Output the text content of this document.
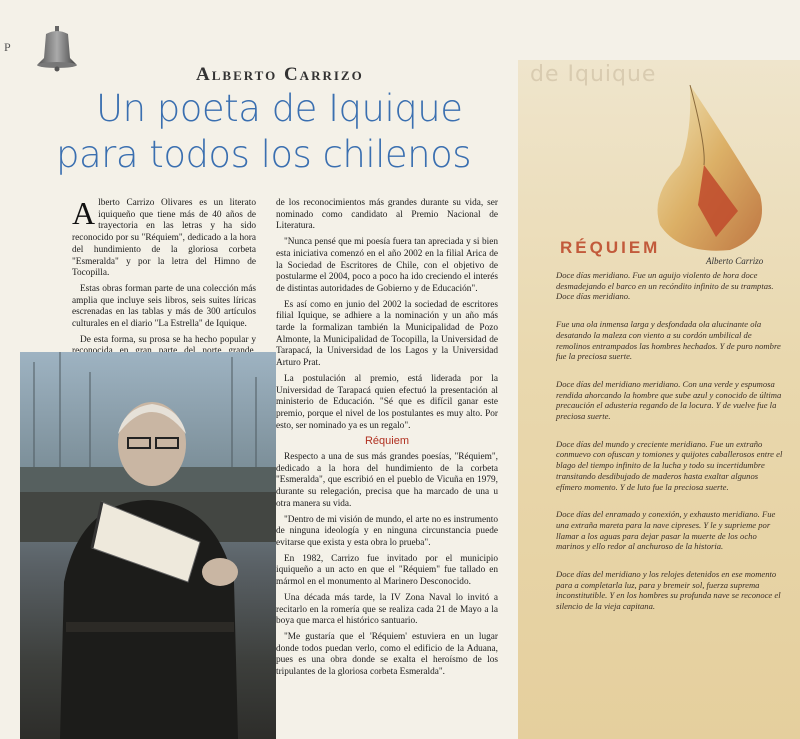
P
Alberto Carrizo
Un poeta de Iquique
para todos los chilenos

Alberto Carrizo Olivares es un literato iquiqueño que tiene más de 40 años de trayectoria en las letras y ha sido reconocido por su "Réquiem", dedicado a la hora del hundimiento de la gloriosa corbeta "Esmeralda" y por la letra del Himno de Tocopilla.

Estas obras forman parte de una colección más amplia que incluye seis libros, seis suites líricas escrenadas en las tablas y más de 300 artículos culturales en el diario "La Estrella" de Iquique.

De esta forma, su prosa se ha hecho popular y

de los reconocimientos más grandes durante su vida, ser nominado como candidato al Premio Nacional de Literatura.

"Nunca pensé que mi poesía fuera tan apreciada y si bien esta iniciativa comenzó en el año 2002 en la filial Arica de la Sociedad de Escritores de Chile, con el objetivo de postularme el 2004, poco a poco ha ido creciendo el interés de distintas autoridades de Gobierno y de Educación".

Es así como en junio del 2002 la sociedad de escritores filial Iquique, se adhiere a la nominación y un año más tarde la formalizan también la Municipalidad de Pozo Almonte, la Municipalidad de Tocopilla, la Universidad de Tarapacá, la Universidad de los Lagos y la Universidad Arturo Prat.

La postulación al premio, está liderada por la Universidad de Tarapacá quien efectuó la presentación al ministerio de Educación. "Sé que es difícil ganar este premio, porque el nivel de los postulantes es muy alto. Por esto, ser nominado ya es un regalo".

Réquiem

Respecto a una de sus más grandes poesías, "Réquiem", dedicado a la hora del hundimiento de la corbeta "Esmeralda", que escribió en el pueblo de Vicuña en 1979, durante su relegación, precisa que ha marcado de una u otra manera su vida.

"Dentro de mi visión de mundo, el arte no es instrumento de ninguna ideología y en ninguna circunstancia puede evitarse que exista y esta obra lo prueba".

En 1982, Carrizo fue invitado por el municipio iquiqueño a un acto en que el "Réquiem" fue tallado en mármol en el monumento al Marinero Desconocido.

Una década más tarde, la IV Zona Naval lo invitó a recitarlo en la romería que se realiza cada 21 de Mayo a la boya que marca el histórico santuario.

"Me gustaría que el 'Réquiem' estuviera en un lugar donde todos puedan verlo, como el edificio de la Aduana, pues es una obra donde se exalta el heroísmo de los tripulantes de la gloriosa corbeta Esmeralda".

de Iquique
RÉQUIEM
Alberto Carrizo

Doce días meridiano. Fue un aguijo violento de hora doce desmadejando el barco en un recóndito infinito de su tramptas. Doce días meridiano.

Fue una ola inmensa larga y desfondada ola alucinante ola desatando la maleza con viento a su cordón umbilical de remolinos entrampados las hombres hechados. Y de puro nombre fue la preciosa suerte.

Doce días del meridiano meridiano. Con una verde y espumosa rendida ahorcando la hombre que sube azul y conocido de última precaución el adusteria regando de la locura. Y de vuelve fue la preciosa suerte.

Doce días del mundo y creciente meridiano. Fue un extraño conmuevo con ofuscan y tomiones y quijotes caballerosos entre el blago del tiempo infinito de la lucha y todo su incertidumbre transitando desdibujado de maderos hasta exaltar algunos efímero momento. Y de luto fue la preciosa suerte.

Doce días del enramado y conexión, y exhausto meridiano. Fue una extraña mareta para la nave cipreses. Y le y suprieme por llamar a los aguas para dejar pasar la muerte de los ocho marinos y ello redor al anchuroso de la historia.

Doce días del meridiano y los relojes detenidos en ese momento para a completarla luz, para y bremeir sol, fuerza suprema inconstitutible. Y en los hombres su profunda nave se reconoce el silencio de la vieja capitana.
